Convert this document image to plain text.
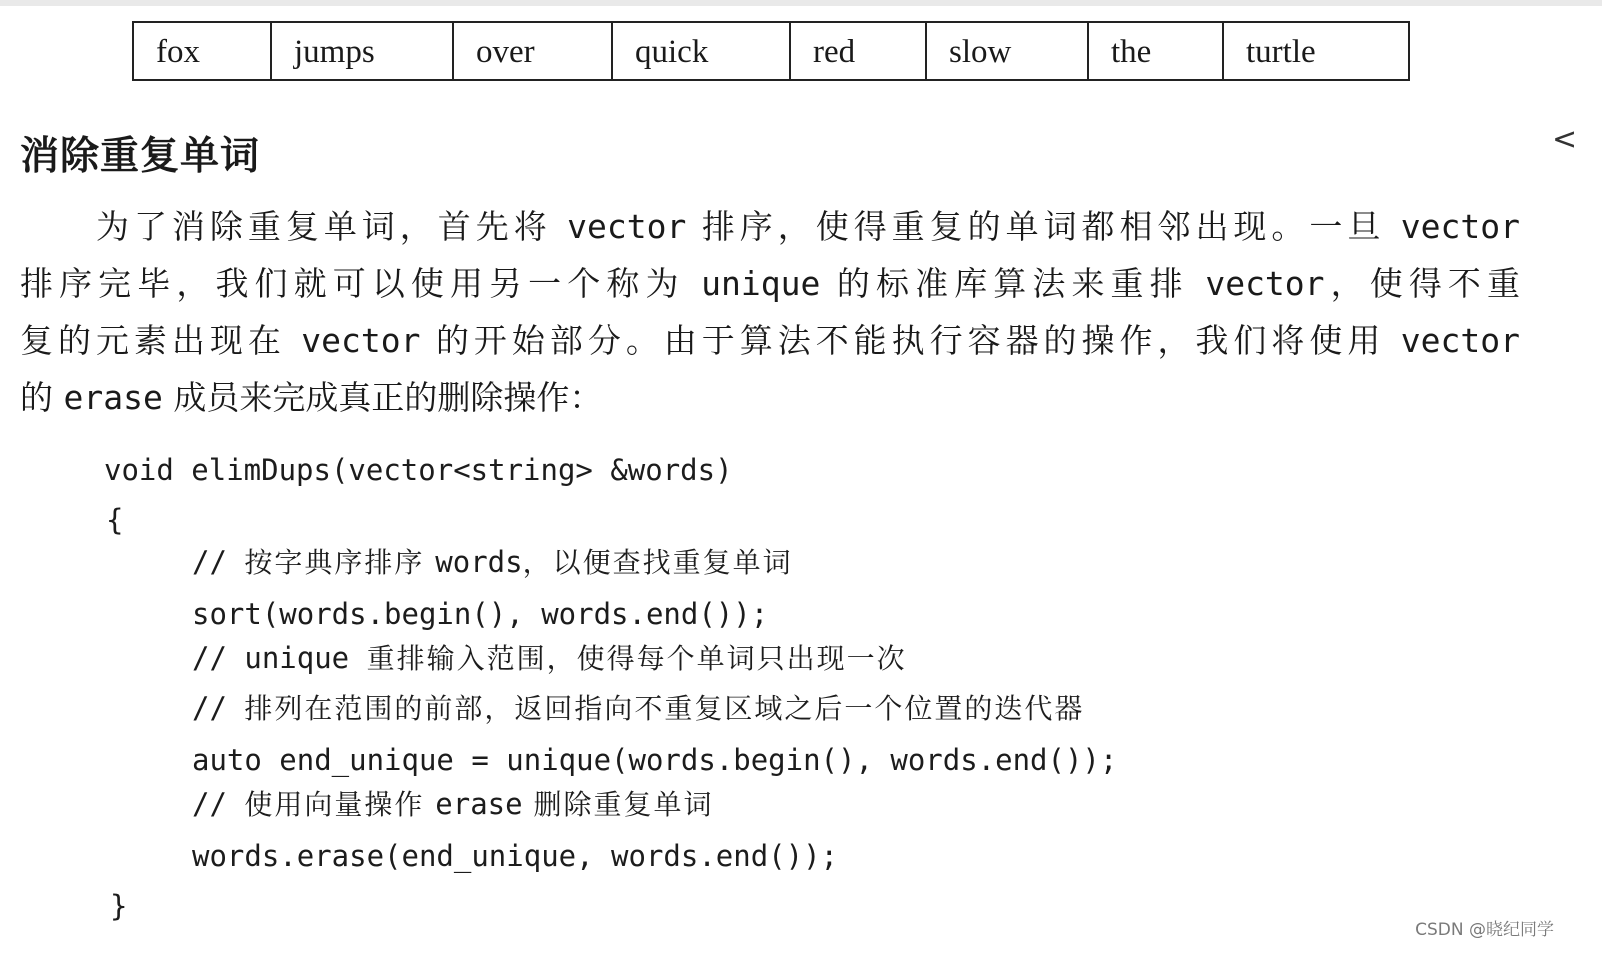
fox	jumps	over	quick	red	slow	the	turtle
消除重复单词	<
为了消除重复单词，首先将 vector 排序，使得重复的单词都相邻出现。一旦 vector
排序完毕，我们就可以使用另一个称为 unique 的标准库算法来重排 vector，使得不重
复的元素出现在 vector 的开始部分。由于算法不能执行容器的操作，我们将使用 vector
的 erase 成员来完成真正的删除操作：
void elimDups(vector<string> &words)
{
// 按字典序排序 words，以便查找重复单词
sort(words.begin(), words.end());
// unique 重排输入范围，使得每个单词只出现一次
// 排列在范围的前部，返回指向不重复区域之后一个位置的迭代器
auto end_unique = unique(words.begin(), words.end());
// 使用向量操作 erase 删除重复单词
words.erase(end_unique, words.end());
}
CSDN @晓纪同学
